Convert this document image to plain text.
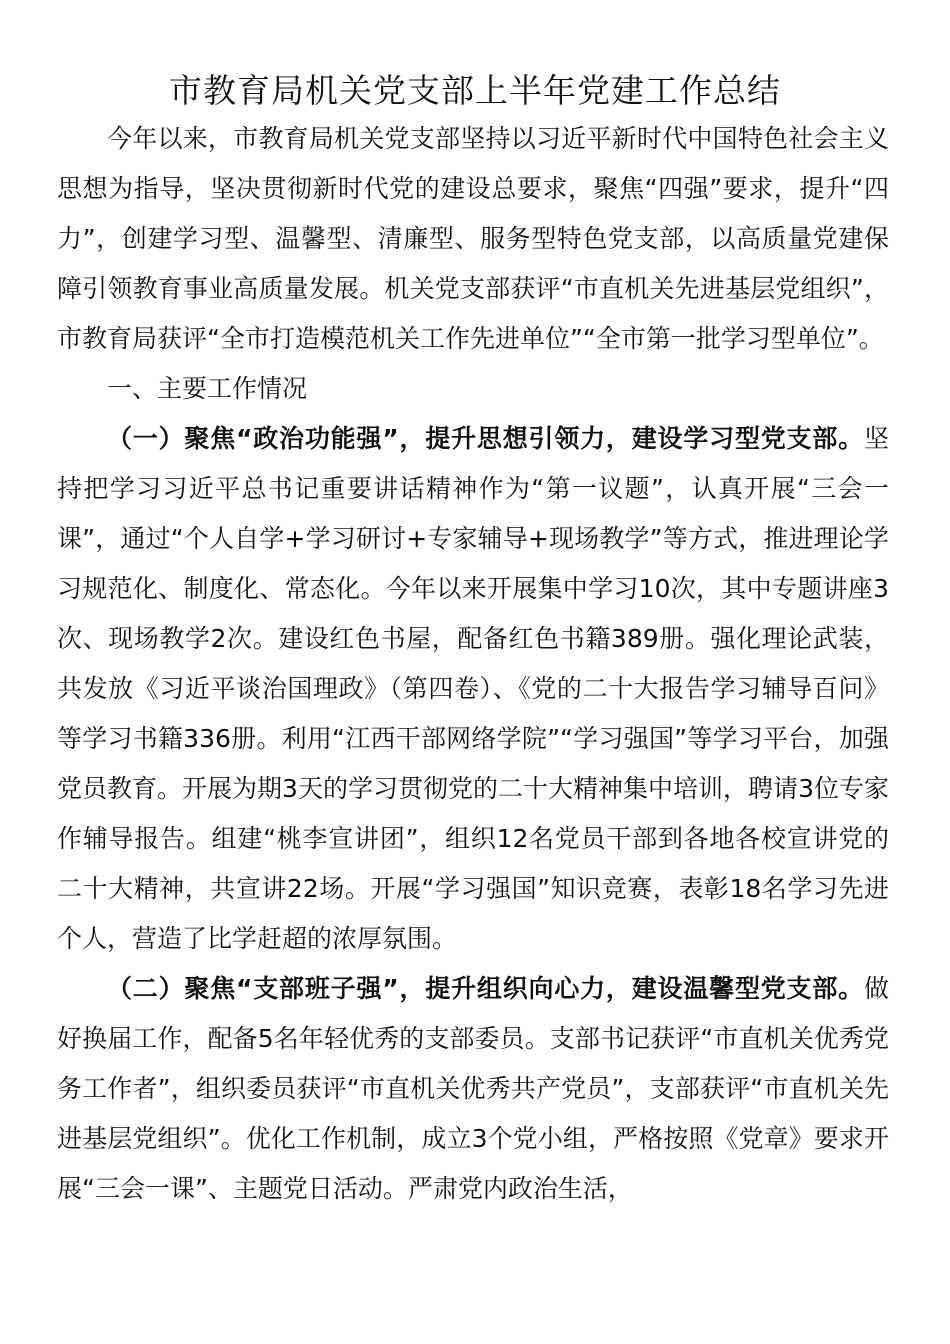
市教育局机关党支部上半年党建工作总结

今年以来，市教育局机关党支部坚持以习近平新时代中国特色社会主义思想为指导，坚决贯彻新时代党的建设总要求，聚焦“四强”要求，提升“四力”，创建学习型、温馨型、清廉型、服务型特色党支部，以高质量党建保障引领教育事业高质量发展。机关党支部获评“市直机关先进基层党组织”，市教育局获评“全市打造模范机关工作先进单位”“全市第一批学习型单位”。

一、主要工作情况

（一）聚焦“政治功能强”，提升思想引领力，建设学习型党支部。坚持把学习习近平总书记重要讲话精神作为“第一议题”，认真开展“三会一课”，通过“个人自学+学习研讨+专家辅导+现场教学”等方式，推进理论学习规范化、制度化、常态化。今年以来开展集中学习10次，其中专题讲座3次、现场教学2次。建设红色书屋，配备红色书籍389册。强化理论武装，共发放《习近平谈治国理政》（第四卷）、《党的二十大报告学习辅导百问》等学习书籍336册。利用“江西干部网络学院”“学习强国”等学习平台，加强党员教育。开展为期3天的学习贯彻党的二十大精神集中培训，聘请3位专家作辅导报告。组建“桃李宣讲团”，组织12名党员干部到各地各校宣讲党的二十大精神，共宣讲22场。开展“学习强国”知识竞赛，表彰18名学习先进个人，营造了比学赶超的浓厚氛围。

（二）聚焦“支部班子强”，提升组织向心力，建设温馨型党支部。做好换届工作，配备5名年轻优秀的支部委员。支部书记获评“市直机关优秀党务工作者”，组织委员获评“市直机关优秀共产党员”，支部获评“市直机关先进基层党组织”。优化工作机制，成立3个党小组，严格按照《党章》要求开展“三会一课”、主题党日活动。严肃党内政治生活，
